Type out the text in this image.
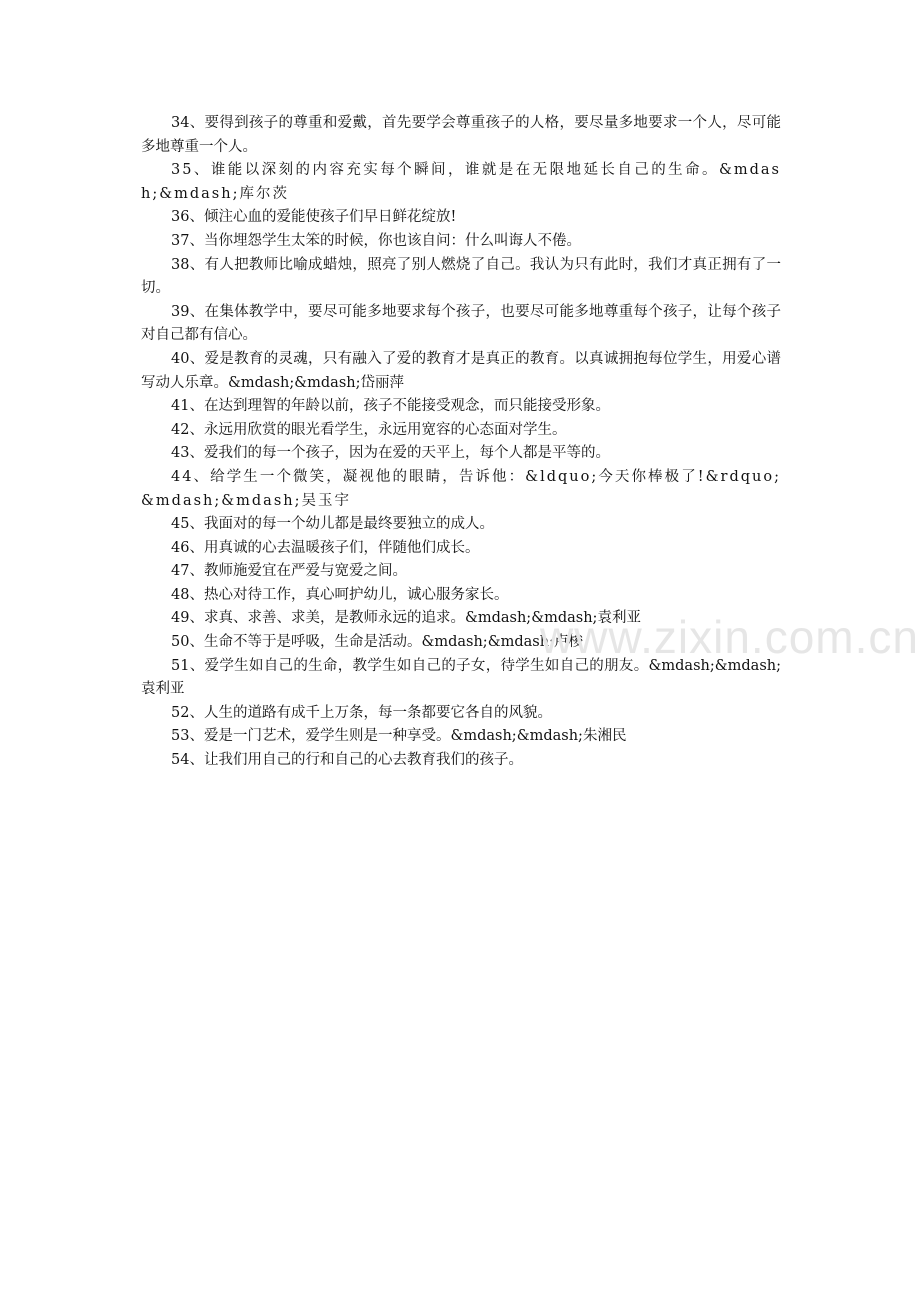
34、要得到孩子的尊重和爱戴，首先要学会尊重孩子的人格，要尽量多地要求一个人，尽可能多地尊重一个人。

35、谁能以深刻的内容充实每个瞬间，谁就是在无限地延长自己的生命。&mdash;&mdash;库尔茨

36、倾注心血的爱能使孩子们早日鲜花绽放!

37、当你埋怨学生太笨的时候，你也该自问：什么叫诲人不倦。

38、有人把教师比喻成蜡烛，照亮了别人燃烧了自己。我认为只有此时，我们才真正拥有了一切。

39、在集体教学中，要尽可能多地要求每个孩子，也要尽可能多地尊重每个孩子，让每个孩子对自己都有信心。

40、爱是教育的灵魂，只有融入了爱的教育才是真正的教育。以真诚拥抱每位学生，用爱心谱写动人乐章。&mdash;&mdash;岱丽萍

41、在达到理智的年龄以前，孩子不能接受观念，而只能接受形象。

42、永远用欣赏的眼光看学生，永远用宽容的心态面对学生。

43、爱我们的每一个孩子，因为在爱的天平上，每个人都是平等的。

44、给学生一个微笑，凝视他的眼睛，告诉他：&ldquo;今天你棒极了!&rdquo;&mdash;&mdash;吴玉宇

45、我面对的每一个幼儿都是最终要独立的成人。

46、用真诚的心去温暖孩子们，伴随他们成长。

47、教师施爱宜在严爱与宽爱之间。

48、热心对待工作，真心呵护幼儿，诚心服务家长。

49、求真、求善、求美，是教师永远的追求。&mdash;&mdash;袁利亚

50、生命不等于是呼吸，生命是活动。&mdash;&mdash;卢梭

51、爱学生如自己的生命，教学生如自己的子女，待学生如自己的朋友。&mdash;&mdash;袁利亚

52、人生的道路有成千上万条，每一条都要它各自的风貌。

53、爱是一门艺术，爱学生则是一种享受。&mdash;&mdash;朱湘民

54、让我们用自己的行和自己的心去教育我们的孩子。

www.zixin.com.cn
